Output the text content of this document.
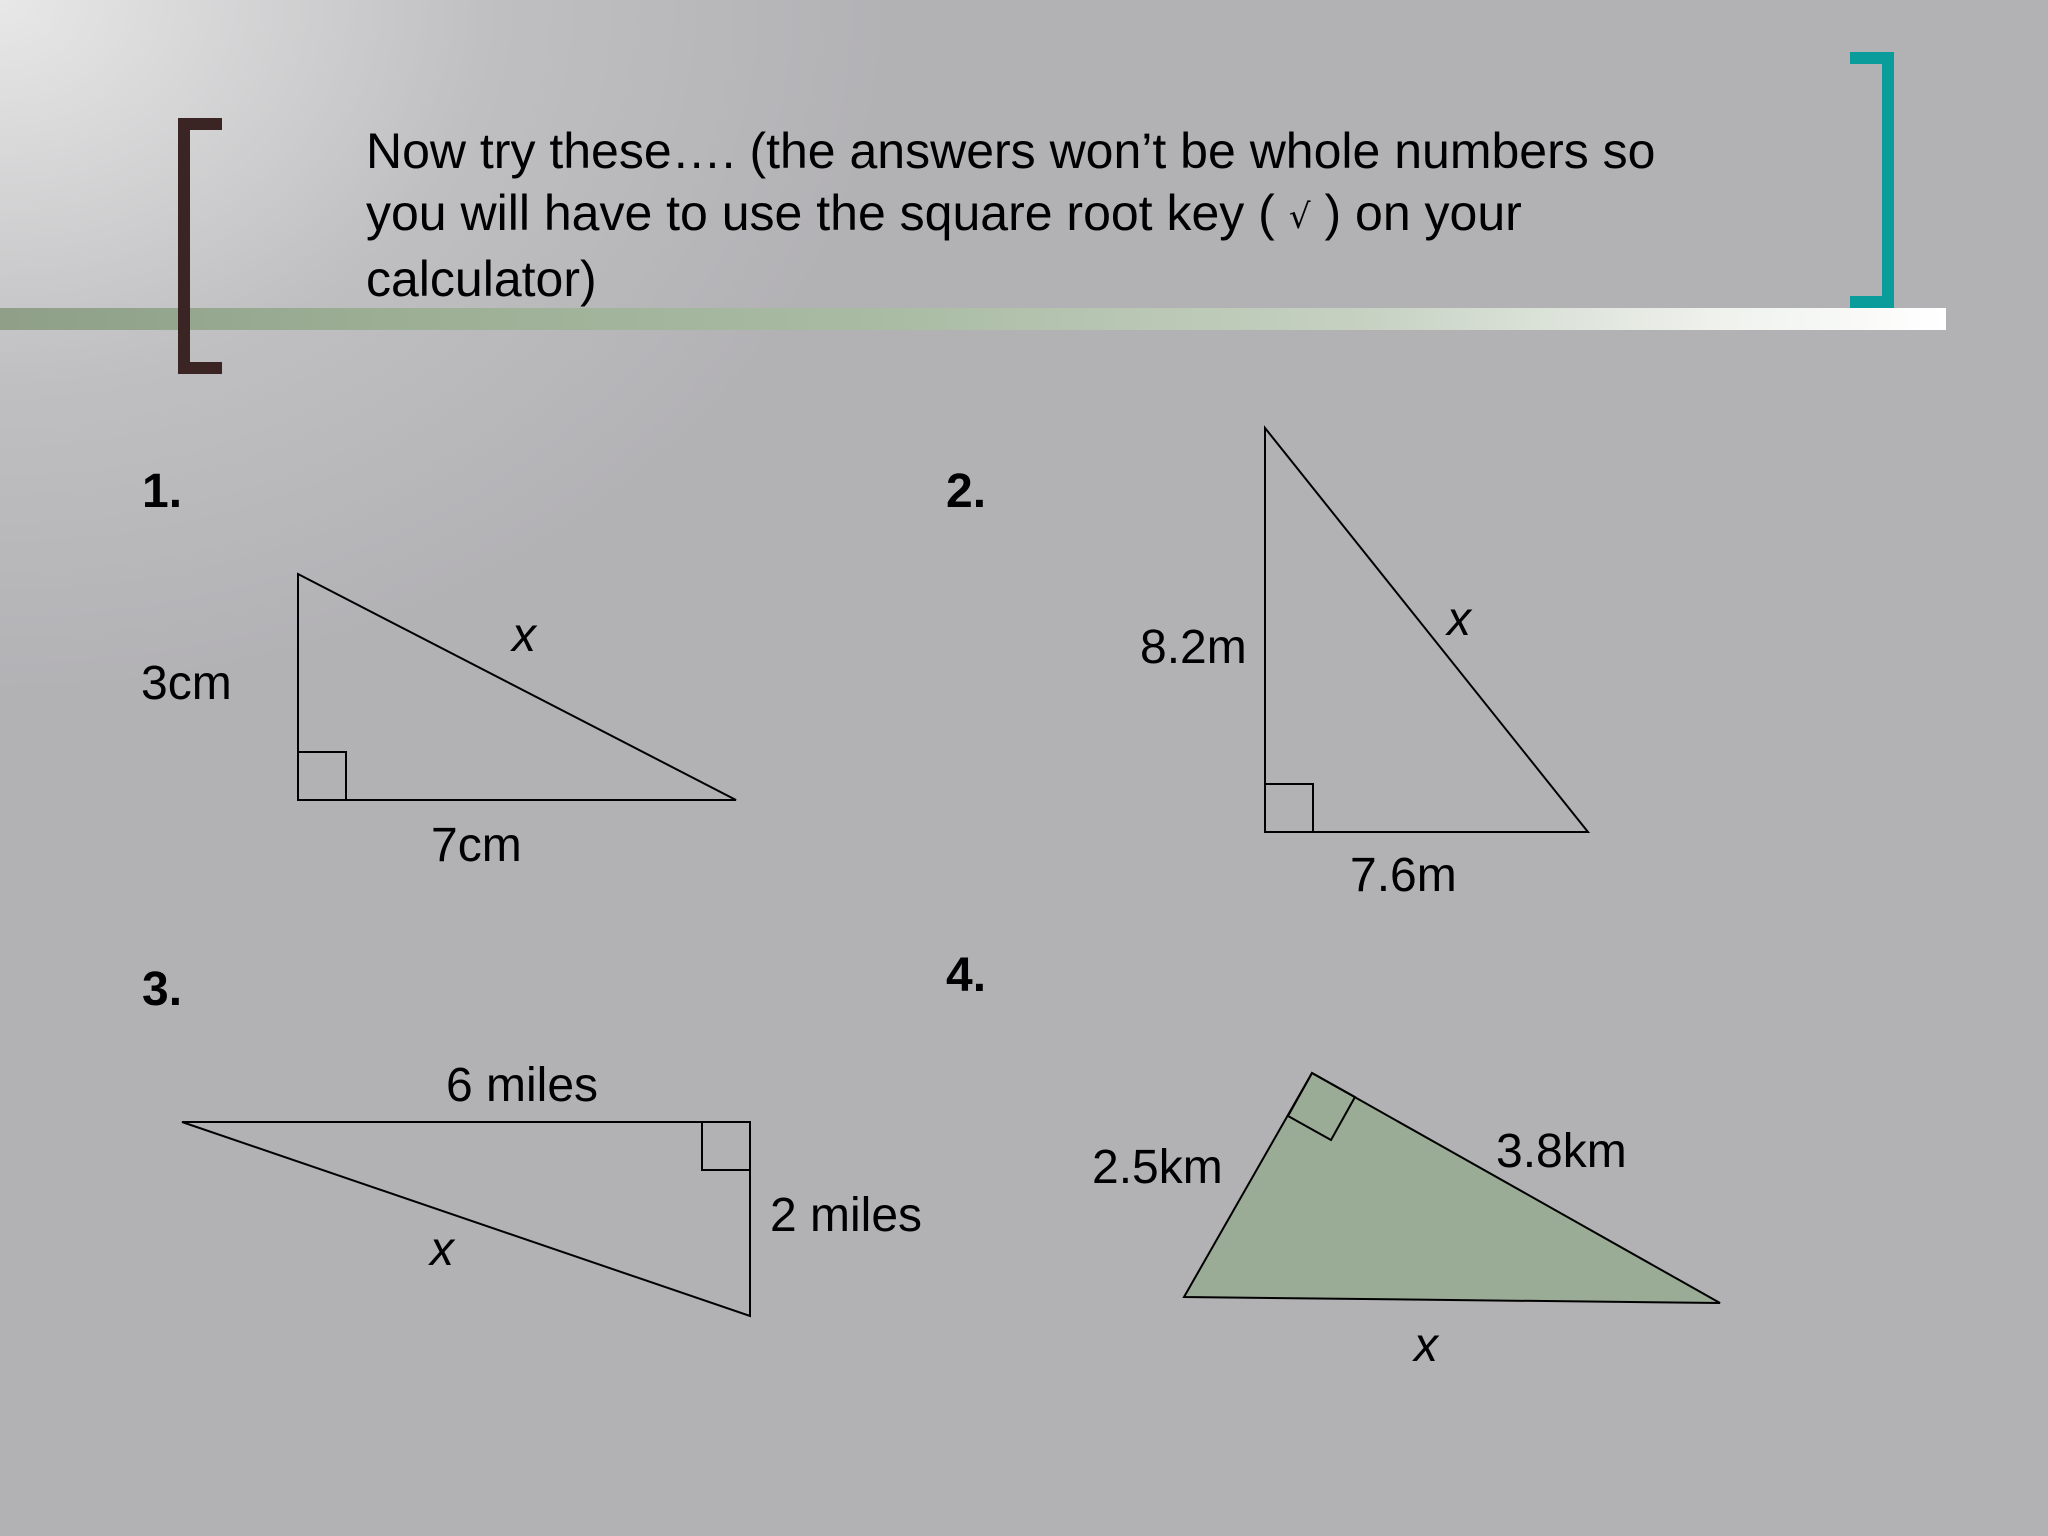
Now try these…. (the answers won’t be whole numbers so you will have to use the square root key ( √ ) on your calculator)
1.	2.
3.	4.
3cm
7cm
x	8.2m
7.6m
x
6 miles
2 miles
x
2.5km	3.8km
x
